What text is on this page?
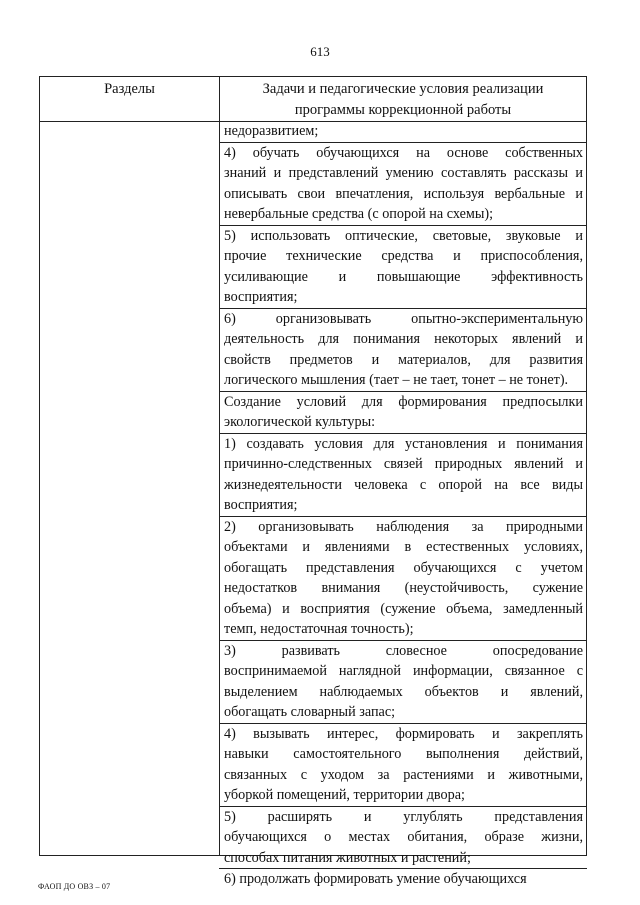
613
Разделы	Задачи и педагогические условия реализации
программы коррекционной работы
недоразвитием;
4) обучать обучающихся на основе собственных
знаний и представлений умению составлять рассказы и
описывать свои впечатления, используя вербальные и
невербальные средства (с опорой на схемы);
5) использовать оптические, световые, звуковые и
прочие технические средства и приспособления,
усиливающие и повышающие эффективность
восприятия;
6) организовывать опытно-экспериментальную
деятельность для понимания некоторых явлений и
свойств предметов и материалов, для развития
логического мышления (тает – не тает, тонет – не тонет).
Создание условий для формирования предпосылки
экологической культуры:
1) создавать условия для установления и понимания
причинно-следственных связей природных явлений и
жизнедеятельности человека с опорой на все виды
восприятия;
2) организовывать наблюдения за природными
объектами и явлениями в естественных условиях,
обогащать представления обучающихся с учетом
недостатков внимания (неустойчивость, сужение
объема) и восприятия (сужение объема, замедленный
темп, недостаточная точность);
3) развивать словесное опосредование
воспринимаемой наглядной информации, связанное с
выделением наблюдаемых объектов и явлений,
обогащать словарный запас;
4) вызывать интерес, формировать и закреплять
навыки самостоятельного выполнения действий,
связанных с уходом за растениями и животными,
уборкой помещений, территории двора;
5) расширять и углублять представления
обучающихся о местах обитания, образе жизни,
способах питания животных и растений;
6) продолжать формировать умение обучающихся
ФАОП ДО ОВЗ – 07
